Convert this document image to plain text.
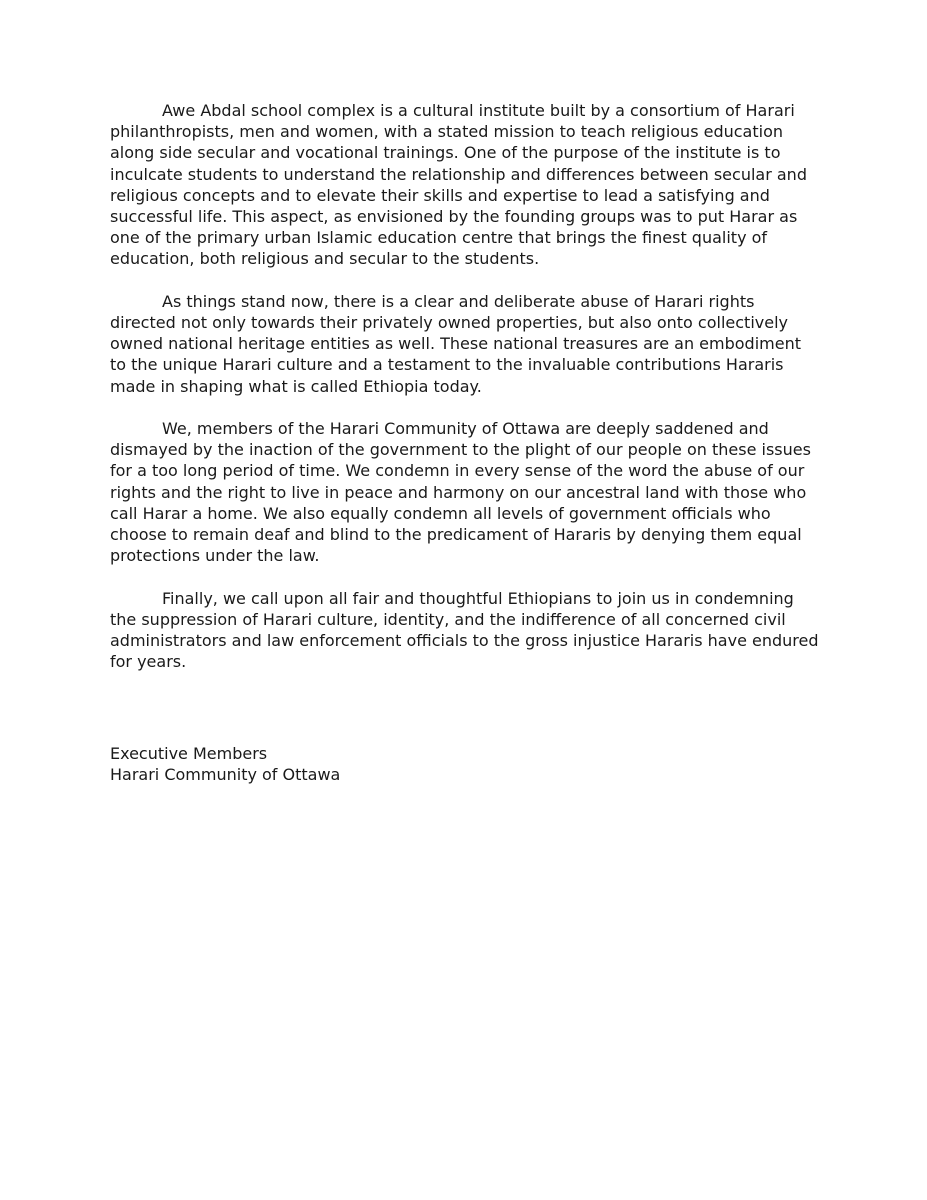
Awe Abdal school complex is a cultural institute built by a consortium of Harari philanthropists, men and women, with a stated mission to teach religious education along side secular and vocational trainings. One of the purpose of the institute is to inculcate students to understand the relationship and differences between secular and religious concepts and to elevate their skills and expertise to lead a satisfying and successful life. This aspect, as envisioned by the founding groups was to put Harar as one of the primary urban Islamic education centre that brings the finest quality of education, both religious and secular to the students.

As things stand now, there is a clear and deliberate abuse of Harari rights directed not only towards their privately owned properties, but also onto collectively owned national heritage entities as well. These national treasures are an embodiment to the unique Harari culture and a testament to the invaluable contributions Hararis made in shaping what is called Ethiopia today.

We, members of the Harari Community of Ottawa are deeply saddened and dismayed by the inaction of the government to the plight of our people on these issues for a too long period of time. We condemn in every sense of the word the abuse of our rights and the right to live in peace and harmony on our ancestral land with those who call Harar a home. We also equally condemn all levels of government officials who choose to remain deaf and blind to the predicament of Hararis by denying them equal protections under the law.

Finally, we call upon all fair and thoughtful Ethiopians to join us in condemning the suppression of Harari culture, identity, and the indifference of all concerned civil administrators and law enforcement officials to the gross injustice Hararis have endured for years.

Executive Members
Harari Community of Ottawa
